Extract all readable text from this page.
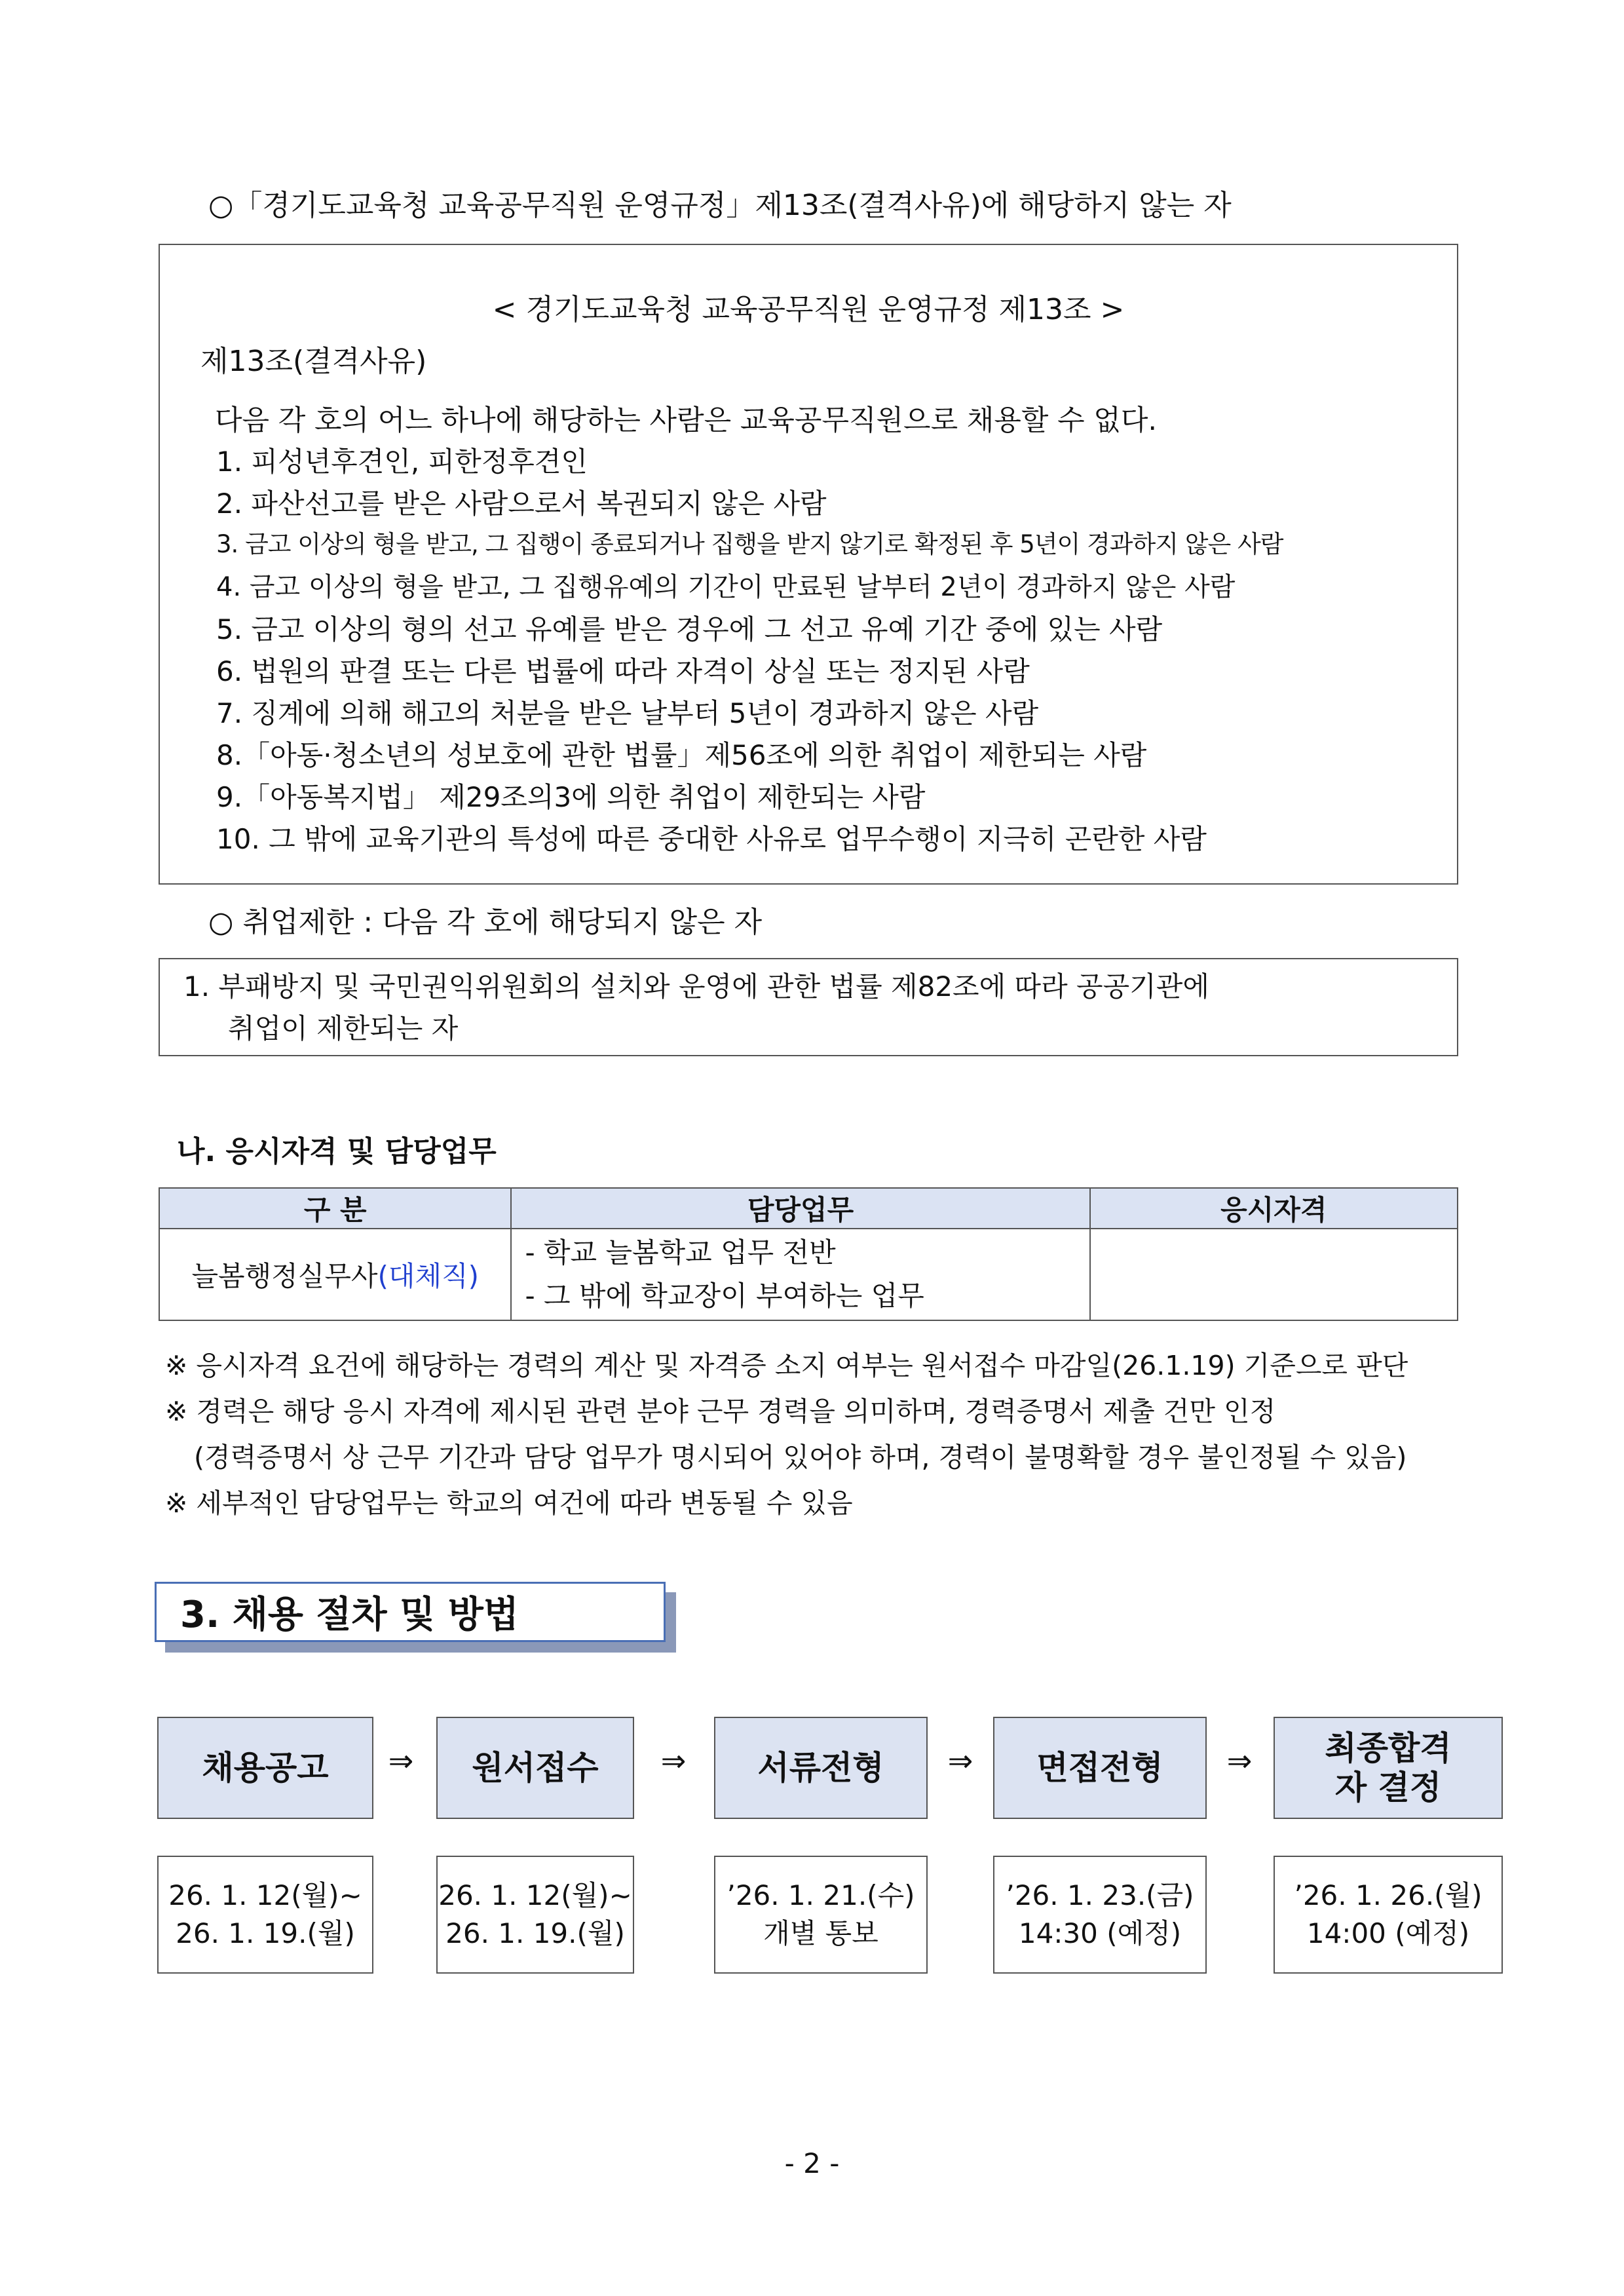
○「경기도교육청 교육공무직원 운영규정」제13조(결격사유)에 해당하지 않는 자
< 경기도교육청 교육공무직원 운영규정 제13조 >
제13조(결격사유)
다음 각 호의 어느 하나에 해당하는 사람은 교육공무직원으로 채용할 수 없다.
1. 피성년후견인, 피한정후견인
2. 파산선고를 받은 사람으로서 복권되지 않은 사람
3. 금고 이상의 형을 받고, 그 집행이 종료되거나 집행을 받지 않기로 확정된 후 5년이 경과하지 않은 사람
4. 금고 이상의 형을 받고, 그 집행유예의 기간이 만료된 날부터 2년이 경과하지 않은 사람
5. 금고 이상의 형의 선고 유예를 받은 경우에 그 선고 유예 기간 중에 있는 사람
6. 법원의 판결 또는 다른 법률에 따라 자격이 상실 또는 정지된 사람
7. 징계에 의해 해고의 처분을 받은 날부터 5년이 경과하지 않은 사람
8.「아동·청소년의 성보호에 관한 법률」제56조에 의한 취업이 제한되는 사람
9.「아동복지법」 제29조의3에 의한 취업이 제한되는 사람
10. 그 밖에 교육기관의 특성에 따른 중대한 사유로 업무수행이 지극히 곤란한 사람
○ 취업제한 : 다음 각 호에 해당되지 않은 자
1. 부패방지 및 국민권익위원회의 설치와 운영에 관한 법률 제82조에 따라 공공기관에
취업이 제한되는 자
나. 응시자격 및 담당업무
구 분	담당업무	응시자격
늘봄행정실무사(대체직)	- 학교 늘봄학교 업무 전반
- 그 밖에 학교장이 부여하는 업무	

※ 응시자격 요건에 해당하는 경력의 계산 및 자격증 소지 여부는 원서접수 마감일(26.1.19) 기준으로 판단
※ 경력은 해당 응시 자격에 제시된 관련 분야 근무 경력을 의미하며, 경력증명서 제출 건만 인정
(경력증명서 상 근무 기간과 담당 업무가 명시되어 있어야 하며, 경력이 불명확할 경우 불인정될 수 있음)
※ 세부적인 담당업무는 학교의 여건에 따라 변동될 수 있음
3. 채용 절차 및 방법
채용공고	⇒	원서접수	⇒	서류전형	⇒	면접전형	⇒	최종합격자 결정
26. 1. 12(월)~
26. 1. 19.(월)
26. 1. 12(월)~
26. 1. 19.(월)
’26. 1. 21.(수)
개별 통보
’26. 1. 23.(금)
14:30 (예정)
’26. 1. 26.(월)
14:00 (예정)
- 2 -
